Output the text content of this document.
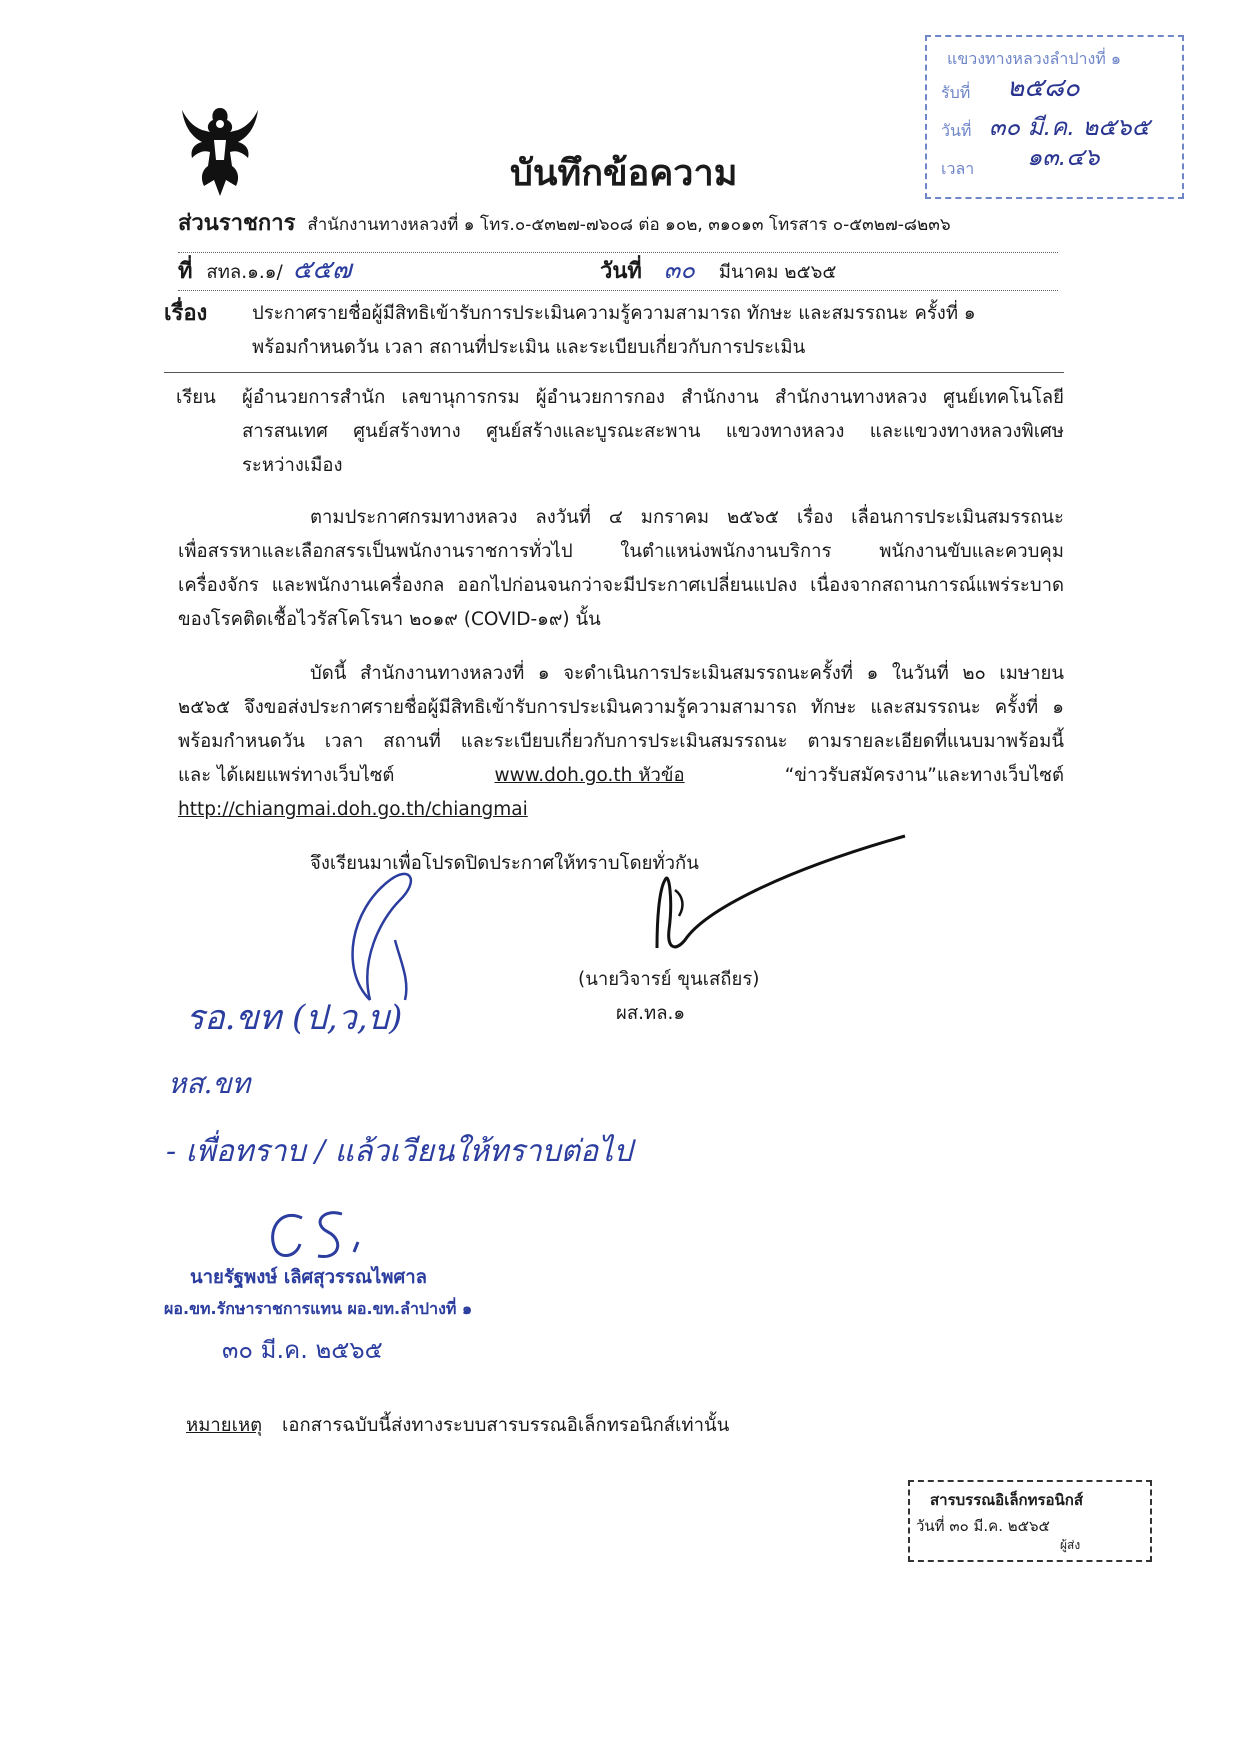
แขวงทางหลวงลำปางที่ ๑
รับที่ ๒๕๘๐
วันที่ ๓๐ มี.ค. ๒๕๖๕
เวลา ๑๓.๔๖
บันทึกข้อความ
ส่วนราชการ สำนักงานทางหลวงที่ ๑ โทร.๐-๕๓๒๗-๗๖๐๘ ต่อ ๑๐๒, ๓๑๐๑๓ โทรสาร ๐-๕๓๒๗-๘๒๓๖
ที่ สทล.๑.๑/ ๕๕๗	วันที่ ๓๐ มีนาคม ๒๕๖๕
เรื่อง ประกาศรายชื่อผู้มีสิทธิเข้ารับการประเมินความรู้ความสามารถ ทักษะ และสมรรถนะ ครั้งที่ ๑
พร้อมกำหนดวัน เวลา สถานที่ประเมิน และระเบียบเกี่ยวกับการประเมิน
เรียน ผู้อำนวยการสำนัก เลขานุการกรม ผู้อำนวยการกอง สำนักงาน สำนักงานทางหลวง ศูนย์เทคโนโลยี
สารสนเทศ ศูนย์สร้างทาง ศูนย์สร้างและบูรณะสะพาน แขวงทางหลวง และแขวงทางหลวงพิเศษ
ระหว่างเมือง
ตามประกาศกรมทางหลวง ลงวันที่ ๔ มกราคม ๒๕๖๕ เรื่อง เลื่อนการประเมินสมรรถนะ
เพื่อสรรหาและเลือกสรรเป็นพนักงานราชการทั่วไป ในตำแหน่งพนักงานบริการ พนักงานขับและควบคุม
เครื่องจักร และพนักงานเครื่องกล ออกไปก่อนจนกว่าจะมีประกาศเปลี่ยนแปลง เนื่องจากสถานการณ์แพร่ระบาด
ของโรคติดเชื้อไวรัสโคโรนา ๒๐๑๙ (COVID-๑๙) นั้น
บัดนี้ สำนักงานทางหลวงที่ ๑ จะดำเนินการประเมินสมรรถนะครั้งที่ ๑ ในวันที่ ๒๐ เมษายน
๒๕๖๕ จึงขอส่งประกาศรายชื่อผู้มีสิทธิเข้ารับการประเมินความรู้ความสามารถ ทักษะ และสมรรถนะ ครั้งที่ ๑
พร้อมกำหนดวัน เวลา สถานที่ และระเบียบเกี่ยวกับการประเมินสมรรถนะ ตามรายละเอียดที่แนบมาพร้อมนี้
และ ได้เผยแพร่ทางเว็บไซต์	www.doh.go.th หัวข้อ	“ข่าวรับสมัครงาน”และทางเว็บไซต์
http://chiangmai.doh.go.th/chiangmai
จึงเรียนมาเพื่อโปรดปิดประกาศให้ทราบโดยทั่วกัน
(นายวิจารย์ ขุนเสถียร)
ผส.ทล.๑
รอ.ขท (ป,ว,บ)
หส.ขท
- เพื่อทราบ / แล้วเวียนให้ทราบต่อไป
นายรัฐพงษ์ เลิศสุวรรณไพศาล
ผอ.ขท.รักษาราชการแทน ผอ.ขท.ลำปางที่ ๑
๓๐ มี.ค. ๒๕๖๕
หมายเหตุ เอกสารฉบับนี้ส่งทางระบบสารบรรณอิเล็กทรอนิกส์เท่านั้น
สารบรรณอิเล็กทรอนิกส์
วันที่ ๓๐ มี.ค. ๒๕๖๕
ผู้ส่ง
